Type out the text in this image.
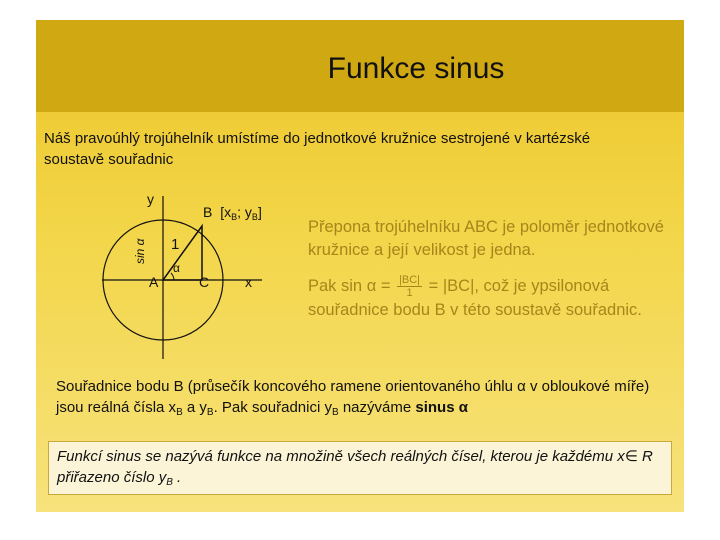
Funkce sinus
Náš pravoúhlý trojúhelník umístíme do jednotkové kružnice sestrojené v kartézské
soustavě souřadnic
y
sin α
A	C	x
1
α
B [$x_B$; $y_B$]

Přepona trojúhelníku ABC je poloměr jednotkové kružnice a její velikost je jedna.

Pak $\sin \alpha = \frac{|BC|}{1} = |BC|$, což je ypsilonová souřadnice bodu B v této soustavě souřadnic.

Souřadnice bodu B (průsečík koncového ramene orientovaného úhlu α v obloukové míře) jsou reálná čísla $x_B$ a $y_B$. Pak souřadnici $y_B$ nazýváme sinus α
Funkcí sinus se nazývá funkce na množině všech reálných čísel, kterou je každému x∈ R přiřazeno číslo $y_B$ .
